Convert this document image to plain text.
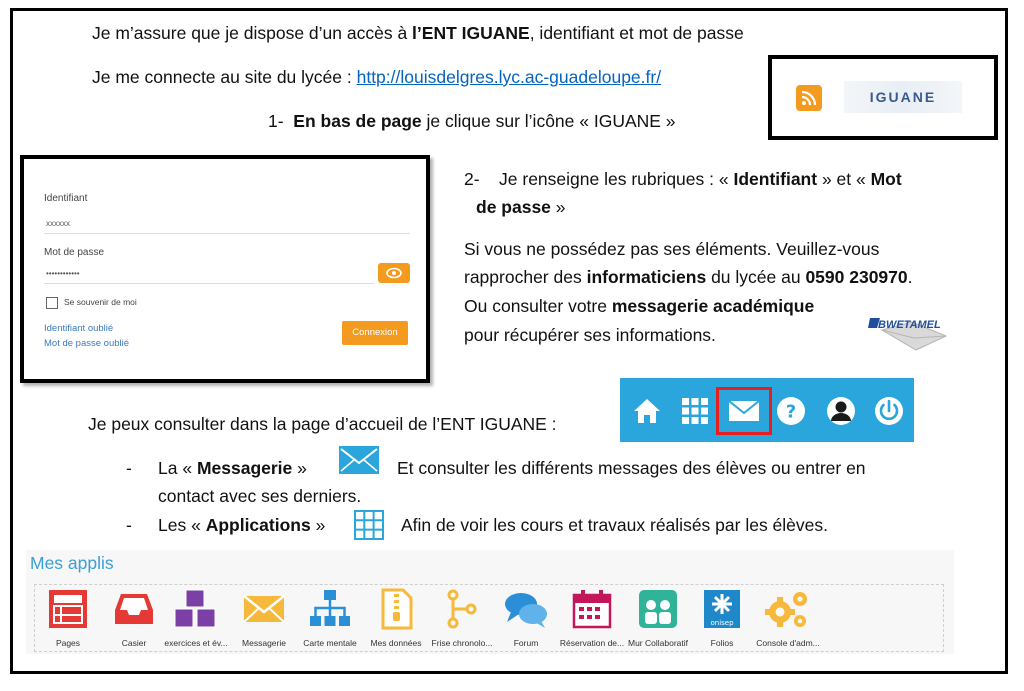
Je m’assure que je dispose d’un accès à l’ENT IGUANE, identifiant et mot de passe
Je me connecte au site du lycée : http://louisdelgres.lyc.ac-guadeloupe.fr/
1- En bas de page je clique sur l’icône « IGUANE »
IGUANE
Identifiant
xxxxxx
Mot de passe
••••••••••••
Se souvenir de moi
Identifiant oublié
Mot de passe oublié
Connexion
2- Je renseigne les rubriques : « Identifiant » et « Mot
de passe »
Si vous ne possédez pas ses éléments. Veuillez-vous
rapprocher des informaticiens du lycée au 0590 230970.
Ou consulter votre messagerie académique
pour récupérer ses informations.	BWETAMEL
Je peux consulter dans la page d’accueil de l’ENT IGUANE :
?
- La « Messagerie »	Et consulter les différents messages des élèves ou entrer en
contact avec ses derniers.
- Les « Applications »	Afin de voir les cours et travaux réalisés par les élèves.
Mes applis
Pages	Casier	exercices et év...	Messagerie	Carte mentale	Mes données	Frise chronolo...	Forum	Réservation de... Mur Collaboratif
onisep
Folios	Console d'adm...
